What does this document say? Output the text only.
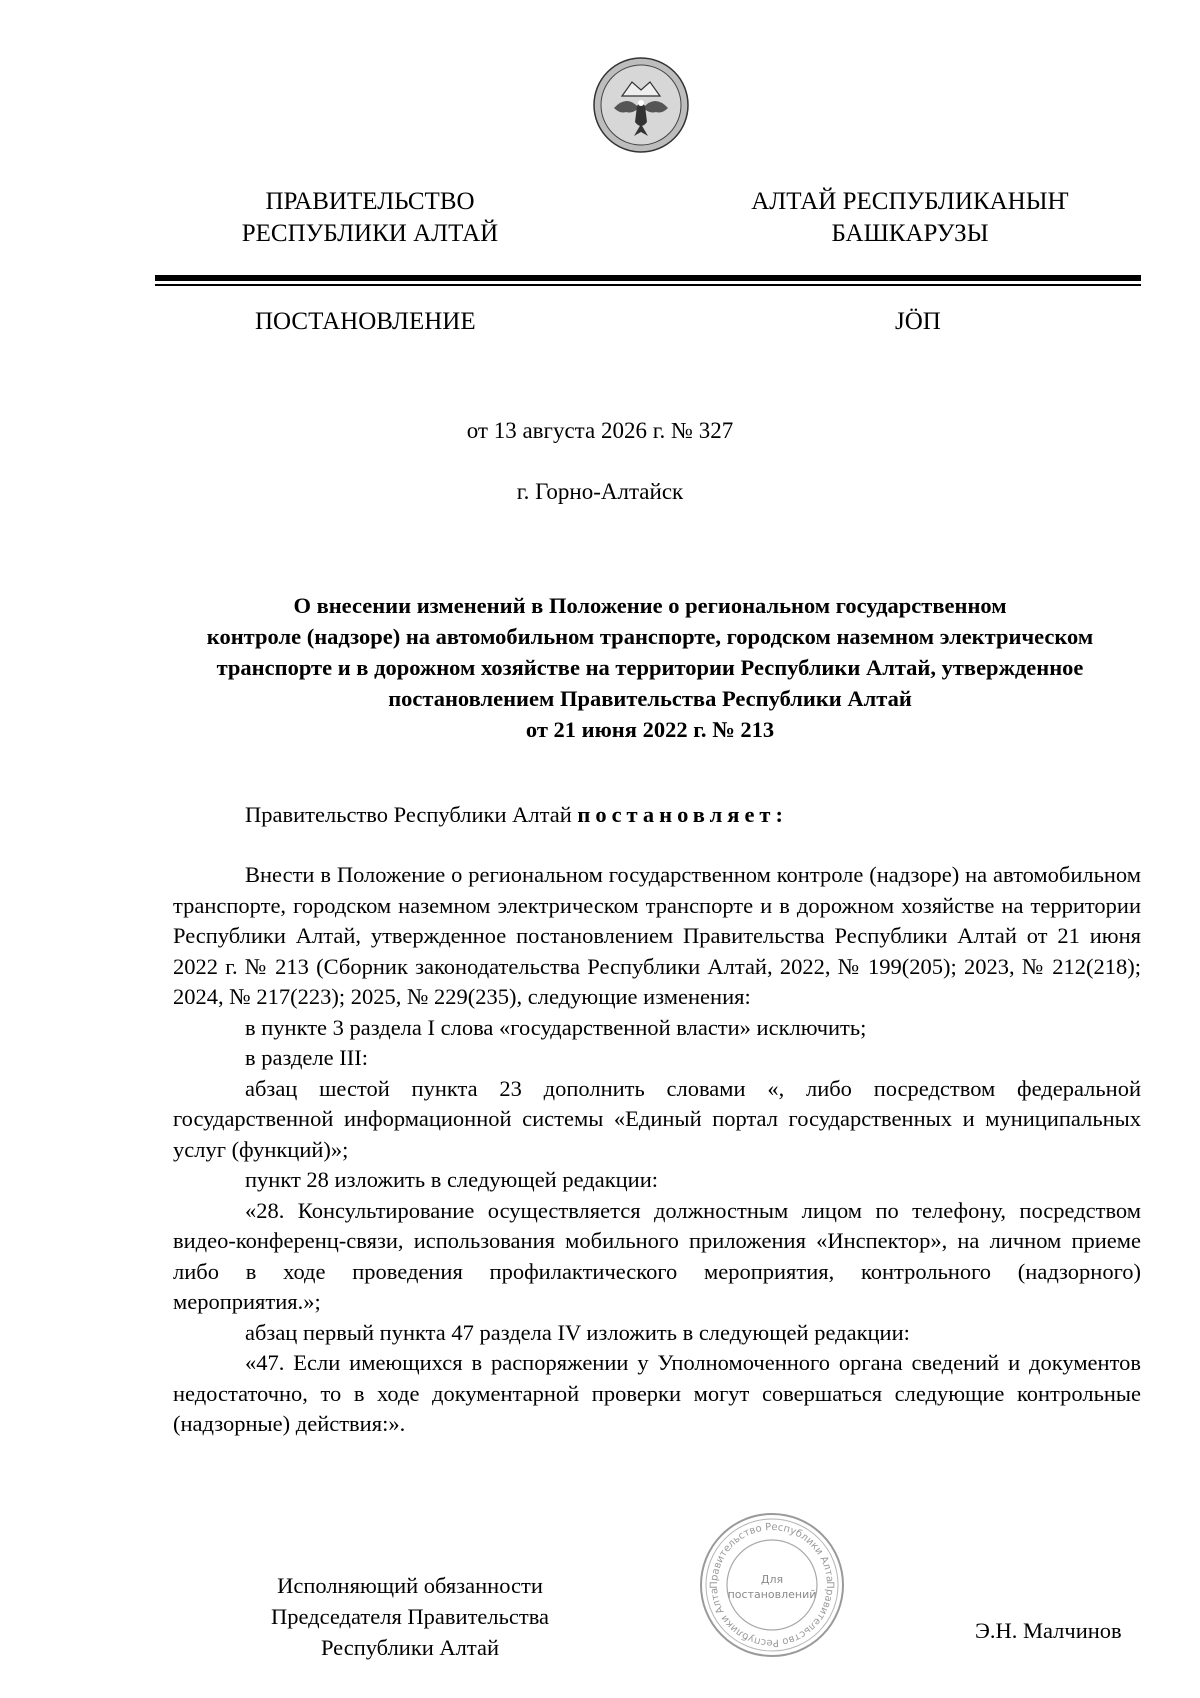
ПРАВИТЕЛЬСТВО
РЕСПУБЛИКИ АЛТАЙ
АЛТАЙ РЕСПУБЛИКАНЫҤ
БАШКАРУЗЫ
ПОСТАНОВЛЕНИЕ	JÖП
от 13 августа 2026 г. № 327
г. Горно-Алтайск
О внесении изменений в Положение о региональном государственном
контроле (надзоре) на автомобильном транспорте, городском наземном электрическом
транспорте и в дорожном хозяйстве на территории Республики Алтай, утвержденное
постановлением Правительства Республики Алтай
от 21 июня 2022 г. № 213
Правительство Республики Алтай постановляет:

Внести в Положение о региональном государственном контроле (надзоре) на автомобильном транспорте, городском наземном электрическом транспорте и в дорожном хозяйстве на территории Республики Алтай, утвержденное постановлением Правительства Республики Алтай от 21 июня 2022 г. № 213 (Сборник законодательства Республики Алтай, 2022, № 199(205); 2023, № 212(218); 2024, № 217(223); 2025, № 229(235), следующие изменения:

в пункте 3 раздела I слова «государственной власти» исключить;

в разделе III:

абзац шестой пункта 23 дополнить словами «, либо посредством федеральной государственной информационной системы «Единый портал государственных и муниципальных услуг (функций)»;

пункт 28 изложить в следующей редакции:

«28. Консультирование осуществляется должностным лицом по телефону, посредством видео-конференц-связи, использования мобильного приложения «Инспектор», на личном приеме либо в ходе проведения профилактического мероприятия, контрольного (надзорного) мероприятия.»;

абзац первый пункта 47 раздела IV изложить в следующей редакции:

«47. Если имеющихся в распоряжении у Уполномоченного органа сведений и документов недостаточно, то в ходе документарной проверки могут совершаться следующие контрольные (надзорные) действия:».

Исполняющий обязанности
Председателя Правительства
Республики Алтай
Правительство Республики Алта
Правительство Республики Алта
Для
постановлений
Э.Н. Малчинов
